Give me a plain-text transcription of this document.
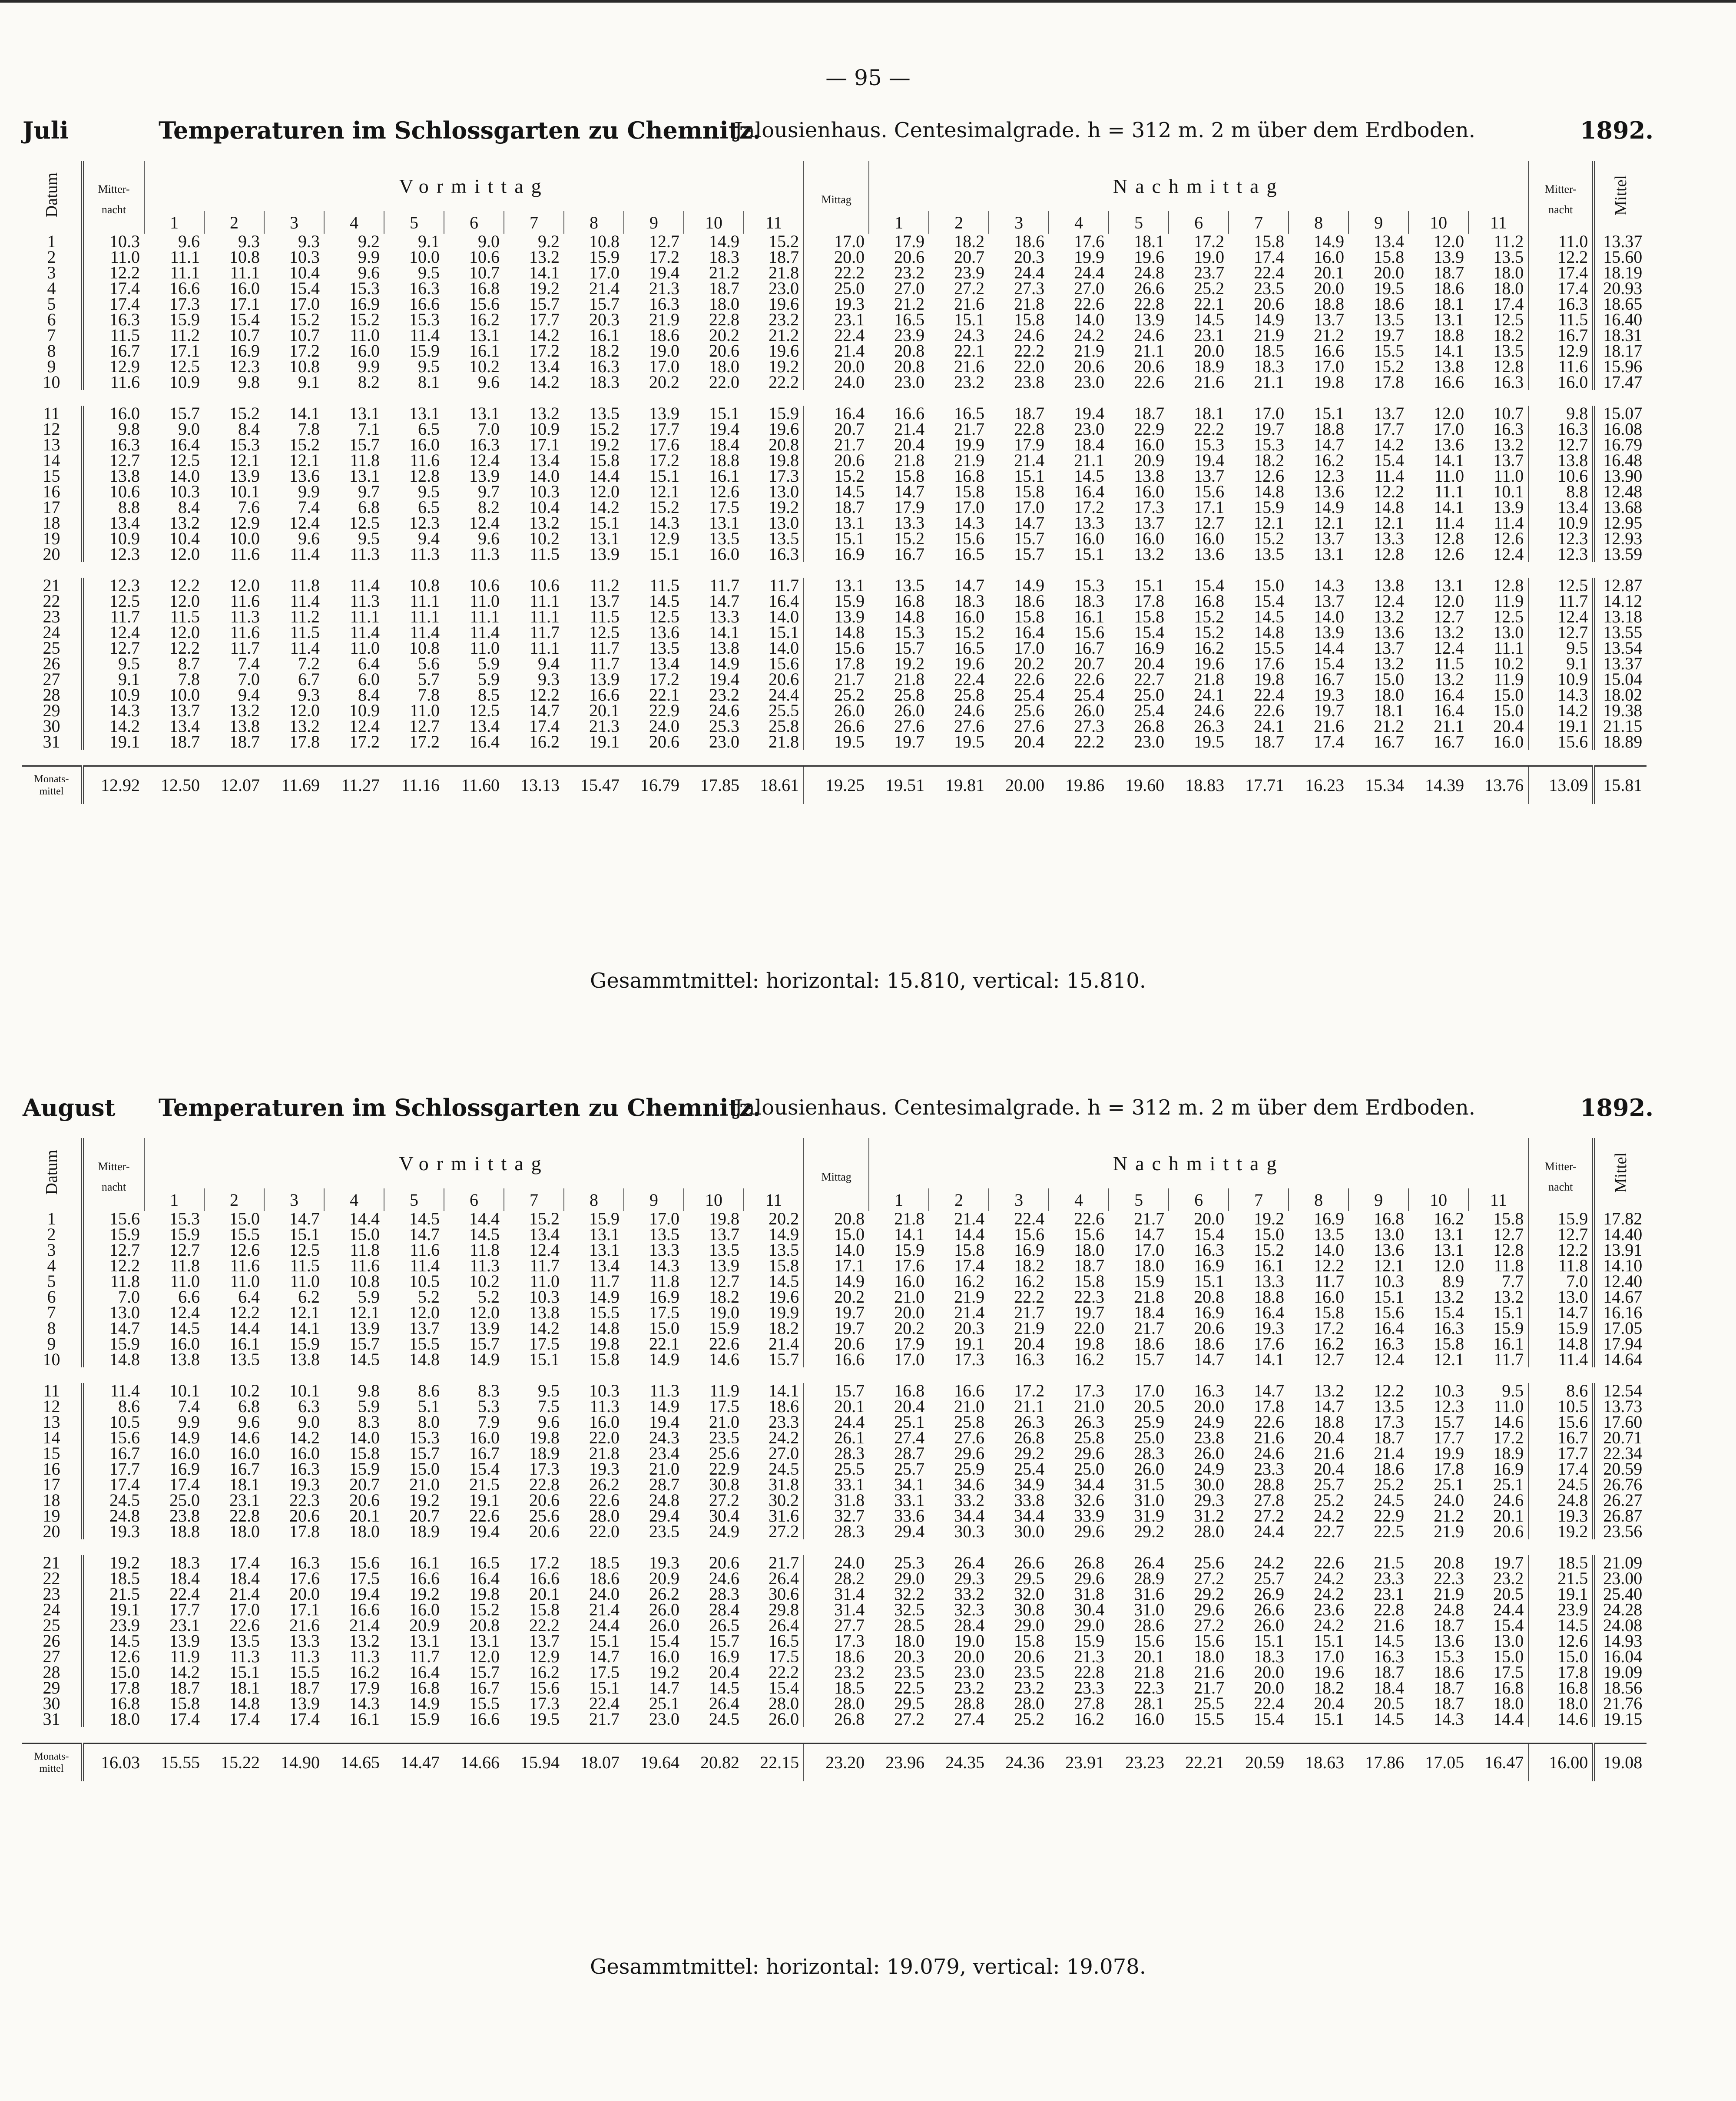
— 95 —
Juli	Temperaturen im Schlossgarten zu Chemnitz.
Jalousienhaus. Centesimalgrade. h = 312 m. 2 m über dem Erdboden.	1892.
Datum	Mitter-
nacht	Vormittag											Mittag	Nachmittag											Mitter-
nacht	Mittel
		1	2	3	4	5	6	7	8	9	10	11		1	2	3	4	5	6	7	8	9	10	11		
1	10.3	9.6	9.3	9.3	9.2	9.1	9.0	9.2	10.8	12.7	14.9	15.2	17.0	17.9	18.2	18.6	17.6	18.1	17.2	15.8	14.9	13.4	12.0	11.2	11.0	13.37
2	11.0	11.1	10.8	10.3	9.9	10.0	10.6	13.2	15.9	17.2	18.3	18.7	20.0	20.6	20.7	20.3	19.9	19.6	19.0	17.4	16.0	15.8	13.9	13.5	12.2	15.60
3	12.2	11.1	11.1	10.4	9.6	9.5	10.7	14.1	17.0	19.4	21.2	21.8	22.2	23.2	23.9	24.4	24.4	24.8	23.7	22.4	20.1	20.0	18.7	18.0	17.4	18.19
4	17.4	16.6	16.0	15.4	15.3	16.3	16.8	19.2	21.4	21.3	18.7	23.0	25.0	27.0	27.2	27.3	27.0	26.6	25.2	23.5	20.0	19.5	18.6	18.0	17.4	20.93
5	17.4	17.3	17.1	17.0	16.9	16.6	15.6	15.7	15.7	16.3	18.0	19.6	19.3	21.2	21.6	21.8	22.6	22.8	22.1	20.6	18.8	18.6	18.1	17.4	16.3	18.65
6	16.3	15.9	15.4	15.2	15.2	15.3	16.2	17.7	20.3	21.9	22.8	23.2	23.1	16.5	15.1	15.8	14.0	13.9	14.5	14.9	13.7	13.5	13.1	12.5	11.5	16.40
7	11.5	11.2	10.7	10.7	11.0	11.4	13.1	14.2	16.1	18.6	20.2	21.2	22.4	23.9	24.3	24.6	24.2	24.6	23.1	21.9	21.2	19.7	18.8	18.2	16.7	18.31
8	16.7	17.1	16.9	17.2	16.0	15.9	16.1	17.2	18.2	19.0	20.6	19.6	21.4	20.8	22.1	22.2	21.9	21.1	20.0	18.5	16.6	15.5	14.1	13.5	12.9	18.17
9	12.9	12.5	12.3	10.8	9.9	9.5	10.2	13.4	16.3	17.0	18.0	19.2	20.0	20.8	21.6	22.0	20.6	20.6	18.9	18.3	17.0	15.2	13.8	12.8	11.6	15.96
10	11.6	10.9	9.8	9.1	8.2	8.1	9.6	14.2	18.3	20.2	22.0	22.2	24.0	23.0	23.2	23.8	23.0	22.6	21.6	21.1	19.8	17.8	16.6	16.3	16.0	17.47

11	16.0	15.7	15.2	14.1	13.1	13.1	13.1	13.2	13.5	13.9	15.1	15.9	16.4	16.6	16.5	18.7	19.4	18.7	18.1	17.0	15.1	13.7	12.0	10.7	9.8	15.07
12	9.8	9.0	8.4	7.8	7.1	6.5	7.0	10.9	15.2	17.7	19.4	19.6	20.7	21.4	21.7	22.8	23.0	22.9	22.2	19.7	18.8	17.7	17.0	16.3	16.3	16.08
13	16.3	16.4	15.3	15.2	15.7	16.0	16.3	17.1	19.2	17.6	18.4	20.8	21.7	20.4	19.9	17.9	18.4	16.0	15.3	15.3	14.7	14.2	13.6	13.2	12.7	16.79
14	12.7	12.5	12.1	12.1	11.8	11.6	12.4	13.4	15.8	17.2	18.8	19.8	20.6	21.8	21.9	21.4	21.1	20.9	19.4	18.2	16.2	15.4	14.1	13.7	13.8	16.48
15	13.8	14.0	13.9	13.6	13.1	12.8	13.9	14.0	14.4	15.1	16.1	17.3	15.2	15.8	16.8	15.1	14.5	13.8	13.7	12.6	12.3	11.4	11.0	11.0	10.6	13.90
16	10.6	10.3	10.1	9.9	9.7	9.5	9.7	10.3	12.0	12.1	12.6	13.0	14.5	14.7	15.8	15.8	16.4	16.0	15.6	14.8	13.6	12.2	11.1	10.1	8.8	12.48
17	8.8	8.4	7.6	7.4	6.8	6.5	8.2	10.4	14.2	15.2	17.5	19.2	18.7	17.9	17.0	17.0	17.2	17.3	17.1	15.9	14.9	14.8	14.1	13.9	13.4	13.68
18	13.4	13.2	12.9	12.4	12.5	12.3	12.4	13.2	15.1	14.3	13.1	13.0	13.1	13.3	14.3	14.7	13.3	13.7	12.7	12.1	12.1	12.1	11.4	11.4	10.9	12.95
19	10.9	10.4	10.0	9.6	9.5	9.4	9.6	10.2	13.1	12.9	13.5	13.5	15.1	15.2	15.6	15.7	16.0	16.0	16.0	15.2	13.7	13.3	12.8	12.6	12.3	12.93
20	12.3	12.0	11.6	11.4	11.3	11.3	11.3	11.5	13.9	15.1	16.0	16.3	16.9	16.7	16.5	15.7	15.1	13.2	13.6	13.5	13.1	12.8	12.6	12.4	12.3	13.59

21	12.3	12.2	12.0	11.8	11.4	10.8	10.6	10.6	11.2	11.5	11.7	11.7	13.1	13.5	14.7	14.9	15.3	15.1	15.4	15.0	14.3	13.8	13.1	12.8	12.5	12.87
22	12.5	12.0	11.6	11.4	11.3	11.1	11.0	11.1	13.7	14.5	14.7	16.4	15.9	16.8	18.3	18.6	18.3	17.8	16.8	15.4	13.7	12.4	12.0	11.9	11.7	14.12
23	11.7	11.5	11.3	11.2	11.1	11.1	11.1	11.1	11.5	12.5	13.3	14.0	13.9	14.8	16.0	15.8	16.1	15.8	15.2	14.5	14.0	13.2	12.7	12.5	12.4	13.18
24	12.4	12.0	11.6	11.5	11.4	11.4	11.4	11.7	12.5	13.6	14.1	15.1	14.8	15.3	15.2	16.4	15.6	15.4	15.2	14.8	13.9	13.6	13.2	13.0	12.7	13.55
25	12.7	12.2	11.7	11.4	11.0	10.8	11.0	11.1	11.7	13.5	13.8	14.0	15.6	15.7	16.5	17.0	16.7	16.9	16.2	15.5	14.4	13.7	12.4	11.1	9.5	13.54
26	9.5	8.7	7.4	7.2	6.4	5.6	5.9	9.4	11.7	13.4	14.9	15.6	17.8	19.2	19.6	20.2	20.7	20.4	19.6	17.6	15.4	13.2	11.5	10.2	9.1	13.37
27	9.1	7.8	7.0	6.7	6.0	5.7	5.9	9.3	13.9	17.2	19.4	20.6	21.7	21.8	22.4	22.6	22.6	22.7	21.8	19.8	16.7	15.0	13.2	11.9	10.9	15.04
28	10.9	10.0	9.4	9.3	8.4	7.8	8.5	12.2	16.6	22.1	23.2	24.4	25.2	25.8	25.8	25.4	25.4	25.0	24.1	22.4	19.3	18.0	16.4	15.0	14.3	18.02
29	14.3	13.7	13.2	12.0	10.9	11.0	12.5	14.7	20.1	22.9	24.6	25.5	26.0	26.0	24.6	25.6	26.0	25.4	24.6	22.6	19.7	18.1	16.4	15.0	14.2	19.38
30	14.2	13.4	13.8	13.2	12.4	12.7	13.4	17.4	21.3	24.0	25.3	25.8	26.6	27.6	27.6	27.6	27.3	26.8	26.3	24.1	21.6	21.2	21.1	20.4	19.1	21.15
31	19.1	18.7	18.7	17.8	17.2	17.2	16.4	16.2	19.1	20.6	23.0	21.8	19.5	19.7	19.5	20.4	22.2	23.0	19.5	18.7	17.4	16.7	16.7	16.0	15.6	18.89

Monats-
mittel	12.92	12.50	12.07	11.69	11.27	11.16	11.60	13.13	15.47	16.79	17.85	18.61	19.25	19.51	19.81	20.00	19.86	19.60	18.83	17.71	16.23	15.34	14.39	13.76	13.09	15.81
Gesammtmittel: horizontal: 15.810, vertical: 15.810.
August Temperaturen im Schlossgarten zu Chemnitz.
Jalousienhaus. Centesimalgrade. h = 312 m. 2 m über dem Erdboden.	1892.
Datum	Mitter-
nacht	Vormittag											Mittag	Nachmittag											Mitter-
nacht	Mittel
		1	2	3	4	5	6	7	8	9	10	11		1	2	3	4	5	6	7	8	9	10	11		
1	15.6	15.3	15.0	14.7	14.4	14.5	14.4	15.2	15.9	17.0	19.8	20.2	20.8	21.8	21.4	22.4	22.6	21.7	20.0	19.2	16.9	16.8	16.2	15.8	15.9	17.82
2	15.9	15.9	15.5	15.1	15.0	14.7	14.5	13.4	13.1	13.5	13.7	14.9	15.0	14.1	14.4	15.6	15.6	14.7	15.4	15.0	13.5	13.0	13.1	12.7	12.7	14.40
3	12.7	12.7	12.6	12.5	11.8	11.6	11.8	12.4	13.1	13.3	13.5	13.5	14.0	15.9	15.8	16.9	18.0	17.0	16.3	15.2	14.0	13.6	13.1	12.8	12.2	13.91
4	12.2	11.8	11.6	11.5	11.6	11.4	11.3	11.7	13.4	14.3	13.9	15.8	17.1	17.6	17.4	18.2	18.7	18.0	16.9	16.1	12.2	12.1	12.0	11.8	11.8	14.10
5	11.8	11.0	11.0	11.0	10.8	10.5	10.2	11.0	11.7	11.8	12.7	14.5	14.9	16.0	16.2	16.2	15.8	15.9	15.1	13.3	11.7	10.3	8.9	7.7	7.0	12.40
6	7.0	6.6	6.4	6.2	5.9	5.2	5.2	10.3	14.9	16.9	18.2	19.6	20.2	21.0	21.9	22.2	22.3	21.8	20.8	18.8	16.0	15.1	13.2	13.2	13.0	14.67
7	13.0	12.4	12.2	12.1	12.1	12.0	12.0	13.8	15.5	17.5	19.0	19.9	19.7	20.0	21.4	21.7	19.7	18.4	16.9	16.4	15.8	15.6	15.4	15.1	14.7	16.16
8	14.7	14.5	14.4	14.1	13.9	13.7	13.9	14.2	14.8	15.0	15.9	18.2	19.7	20.2	20.3	21.9	22.0	21.7	20.6	19.3	17.2	16.4	16.3	15.9	15.9	17.05
9	15.9	16.0	16.1	15.9	15.7	15.5	15.7	17.5	19.8	22.1	22.6	21.4	20.6	17.9	19.1	20.4	19.8	18.6	18.6	17.6	16.2	16.3	15.8	16.1	14.8	17.94
10	14.8	13.8	13.5	13.8	14.5	14.8	14.9	15.1	15.8	14.9	14.6	15.7	16.6	17.0	17.3	16.3	16.2	15.7	14.7	14.1	12.7	12.4	12.1	11.7	11.4	14.64

11	11.4	10.1	10.2	10.1	9.8	8.6	8.3	9.5	10.3	11.3	11.9	14.1	15.7	16.8	16.6	17.2	17.3	17.0	16.3	14.7	13.2	12.2	10.3	9.5	8.6	12.54
12	8.6	7.4	6.8	6.3	5.9	5.1	5.3	7.5	11.3	14.9	17.5	18.6	20.1	20.4	21.0	21.1	21.0	20.5	20.0	17.8	14.7	13.5	12.3	11.0	10.5	13.73
13	10.5	9.9	9.6	9.0	8.3	8.0	7.9	9.6	16.0	19.4	21.0	23.3	24.4	25.1	25.8	26.3	26.3	25.9	24.9	22.6	18.8	17.3	15.7	14.6	15.6	17.60
14	15.6	14.9	14.6	14.2	14.0	15.3	16.0	19.8	22.0	24.3	23.5	24.2	26.1	27.4	27.6	26.8	25.8	25.0	23.8	21.6	20.4	18.7	17.7	17.2	16.7	20.71
15	16.7	16.0	16.0	16.0	15.8	15.7	16.7	18.9	21.8	23.4	25.6	27.0	28.3	28.7	29.6	29.2	29.6	28.3	26.0	24.6	21.6	21.4	19.9	18.9	17.7	22.34
16	17.7	16.9	16.7	16.3	15.9	15.0	15.4	17.3	19.3	21.0	22.9	24.5	25.5	25.7	25.9	25.4	25.0	26.0	24.9	23.3	20.4	18.6	17.8	16.9	17.4	20.59
17	17.4	17.4	18.1	19.3	20.7	21.0	21.5	22.8	26.2	28.7	30.8	31.8	33.1	34.1	34.6	34.9	34.4	31.5	30.0	28.8	25.7	25.2	25.1	25.1	24.5	26.76
18	24.5	25.0	23.1	22.3	20.6	19.2	19.1	20.6	22.6	24.8	27.2	30.2	31.8	33.1	33.2	33.8	32.6	31.0	29.3	27.8	25.2	24.5	24.0	24.6	24.8	26.27
19	24.8	23.8	22.8	20.6	20.1	20.7	22.6	25.6	28.0	29.4	30.4	31.6	32.7	33.6	34.4	34.4	33.9	31.9	31.2	27.2	24.2	22.9	21.2	20.1	19.3	26.87
20	19.3	18.8	18.0	17.8	18.0	18.9	19.4	20.6	22.0	23.5	24.9	27.2	28.3	29.4	30.3	30.0	29.6	29.2	28.0	24.4	22.7	22.5	21.9	20.6	19.2	23.56

21	19.2	18.3	17.4	16.3	15.6	16.1	16.5	17.2	18.5	19.3	20.6	21.7	24.0	25.3	26.4	26.6	26.8	26.4	25.6	24.2	22.6	21.5	20.8	19.7	18.5	21.09
22	18.5	18.4	18.4	17.6	17.5	16.6	16.4	16.6	18.6	20.9	24.6	26.4	28.2	29.0	29.3	29.5	29.6	28.9	27.2	25.7	24.2	23.3	22.3	23.2	21.5	23.00
23	21.5	22.4	21.4	20.0	19.4	19.2	19.8	20.1	24.0	26.2	28.3	30.6	31.4	32.2	33.2	32.0	31.8	31.6	29.2	26.9	24.2	23.1	21.9	20.5	19.1	25.40
24	19.1	17.7	17.0	17.1	16.6	16.0	15.2	15.8	21.4	26.0	28.4	29.8	31.4	32.5	32.3	30.8	30.4	31.0	29.6	26.6	23.6	22.8	24.8	24.4	23.9	24.28
25	23.9	23.1	22.6	21.6	21.4	20.9	20.8	22.2	24.4	26.0	26.5	26.4	27.7	28.5	28.4	29.0	29.0	28.6	27.2	26.0	24.2	21.6	18.7	15.4	14.5	24.08
26	14.5	13.9	13.5	13.3	13.2	13.1	13.1	13.7	15.1	15.4	15.7	16.5	17.3	18.0	19.0	15.8	15.9	15.6	15.6	15.1	15.1	14.5	13.6	13.0	12.6	14.93
27	12.6	11.9	11.3	11.3	11.3	11.7	12.0	12.9	14.7	16.0	16.9	17.5	18.6	20.3	20.0	20.6	21.3	20.1	18.0	18.3	17.0	16.3	15.3	15.0	15.0	16.04
28	15.0	14.2	15.1	15.5	16.2	16.4	15.7	16.2	17.5	19.2	20.4	22.2	23.2	23.5	23.0	23.5	22.8	21.8	21.6	20.0	19.6	18.7	18.6	17.5	17.8	19.09
29	17.8	18.7	18.1	18.7	17.9	16.8	16.7	15.6	15.1	14.7	14.5	15.4	18.5	22.5	23.2	23.2	23.3	22.3	21.7	20.0	18.2	18.4	18.7	16.8	16.8	18.56
30	16.8	15.8	14.8	13.9	14.3	14.9	15.5	17.3	22.4	25.1	26.4	28.0	28.0	29.5	28.8	28.0	27.8	28.1	25.5	22.4	20.4	20.5	18.7	18.0	18.0	21.76
31	18.0	17.4	17.4	17.4	16.1	15.9	16.6	19.5	21.7	23.0	24.5	26.0	26.8	27.2	27.4	25.2	16.2	16.0	15.5	15.4	15.1	14.5	14.3	14.4	14.6	19.15

Monats-
mittel	16.03	15.55	15.22	14.90	14.65	14.47	14.66	15.94	18.07	19.64	20.82	22.15	23.20	23.96	24.35	24.36	23.91	23.23	22.21	20.59	18.63	17.86	17.05	16.47	16.00	19.08
Gesammtmittel: horizontal: 19.079, vertical: 19.078.
